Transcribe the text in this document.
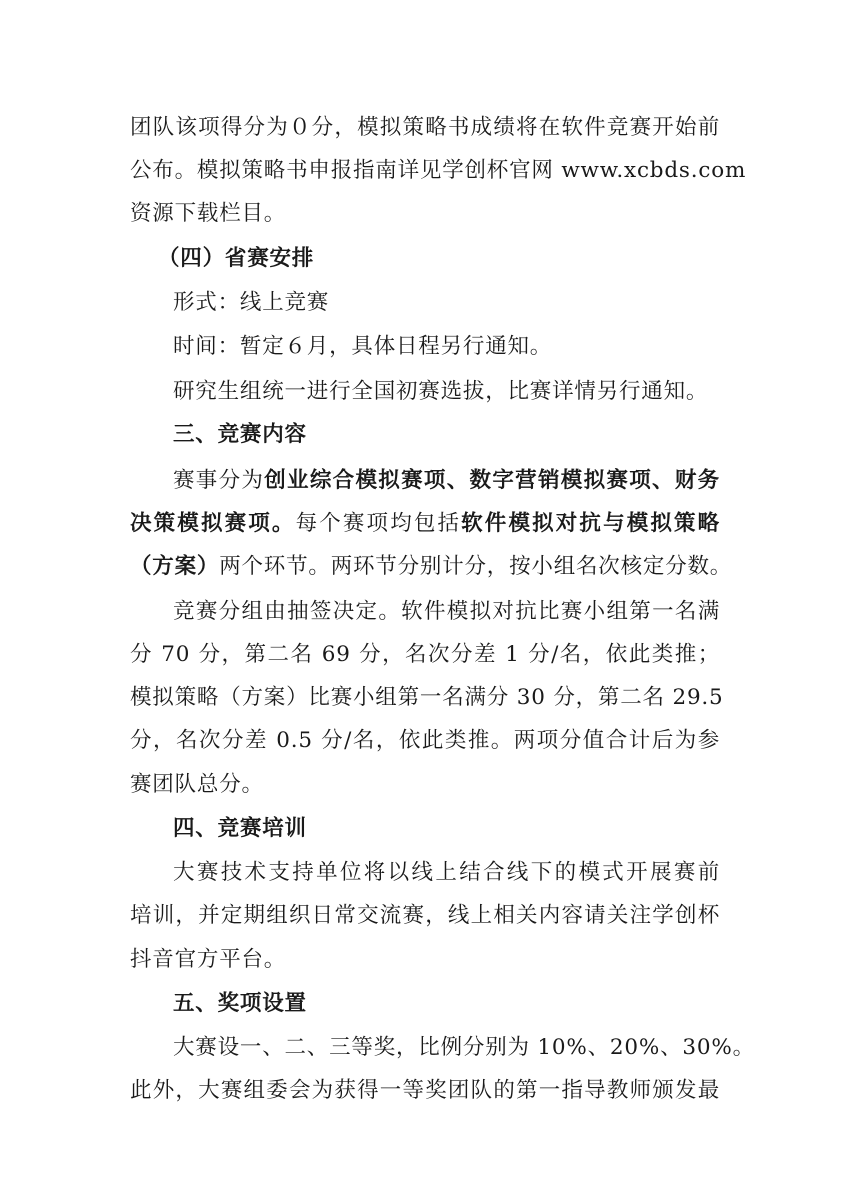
团队该项得分为０分，模拟策略书成绩将在软件竞赛开始前
公布。模拟策略书申报指南详见学创杯官网 www.xcbds.com
资源下载栏目。
（四）省赛安排
形式：线上竞赛
时间：暂定６月，具体日程另行通知。
研究生组统一进行全国初赛选拔，比赛详情另行通知。
三、竞赛内容
赛事分为创业综合模拟赛项、数字营销模拟赛项、财务
决策模拟赛项。每个赛项均包括软件模拟对抗与模拟策略
（方案）两个环节。两环节分别计分，按小组名次核定分数。
竞赛分组由抽签决定。软件模拟对抗比赛小组第一名满
分 70 分，第二名 69 分，名次分差 1 分/名，依此类推；
模拟策略（方案）比赛小组第一名满分 30 分，第二名 29.5
分，名次分差 0.5 分/名，依此类推。两项分值合计后为参
赛团队总分。
四、竞赛培训
大赛技术支持单位将以线上结合线下的模式开展赛前
培训，并定期组织日常交流赛，线上相关内容请关注学创杯
抖音官方平台。
五、奖项设置
大赛设一、二、三等奖，比例分别为 10%、20%、30%。
此外，大赛组委会为获得一等奖团队的第一指导教师颁发最
